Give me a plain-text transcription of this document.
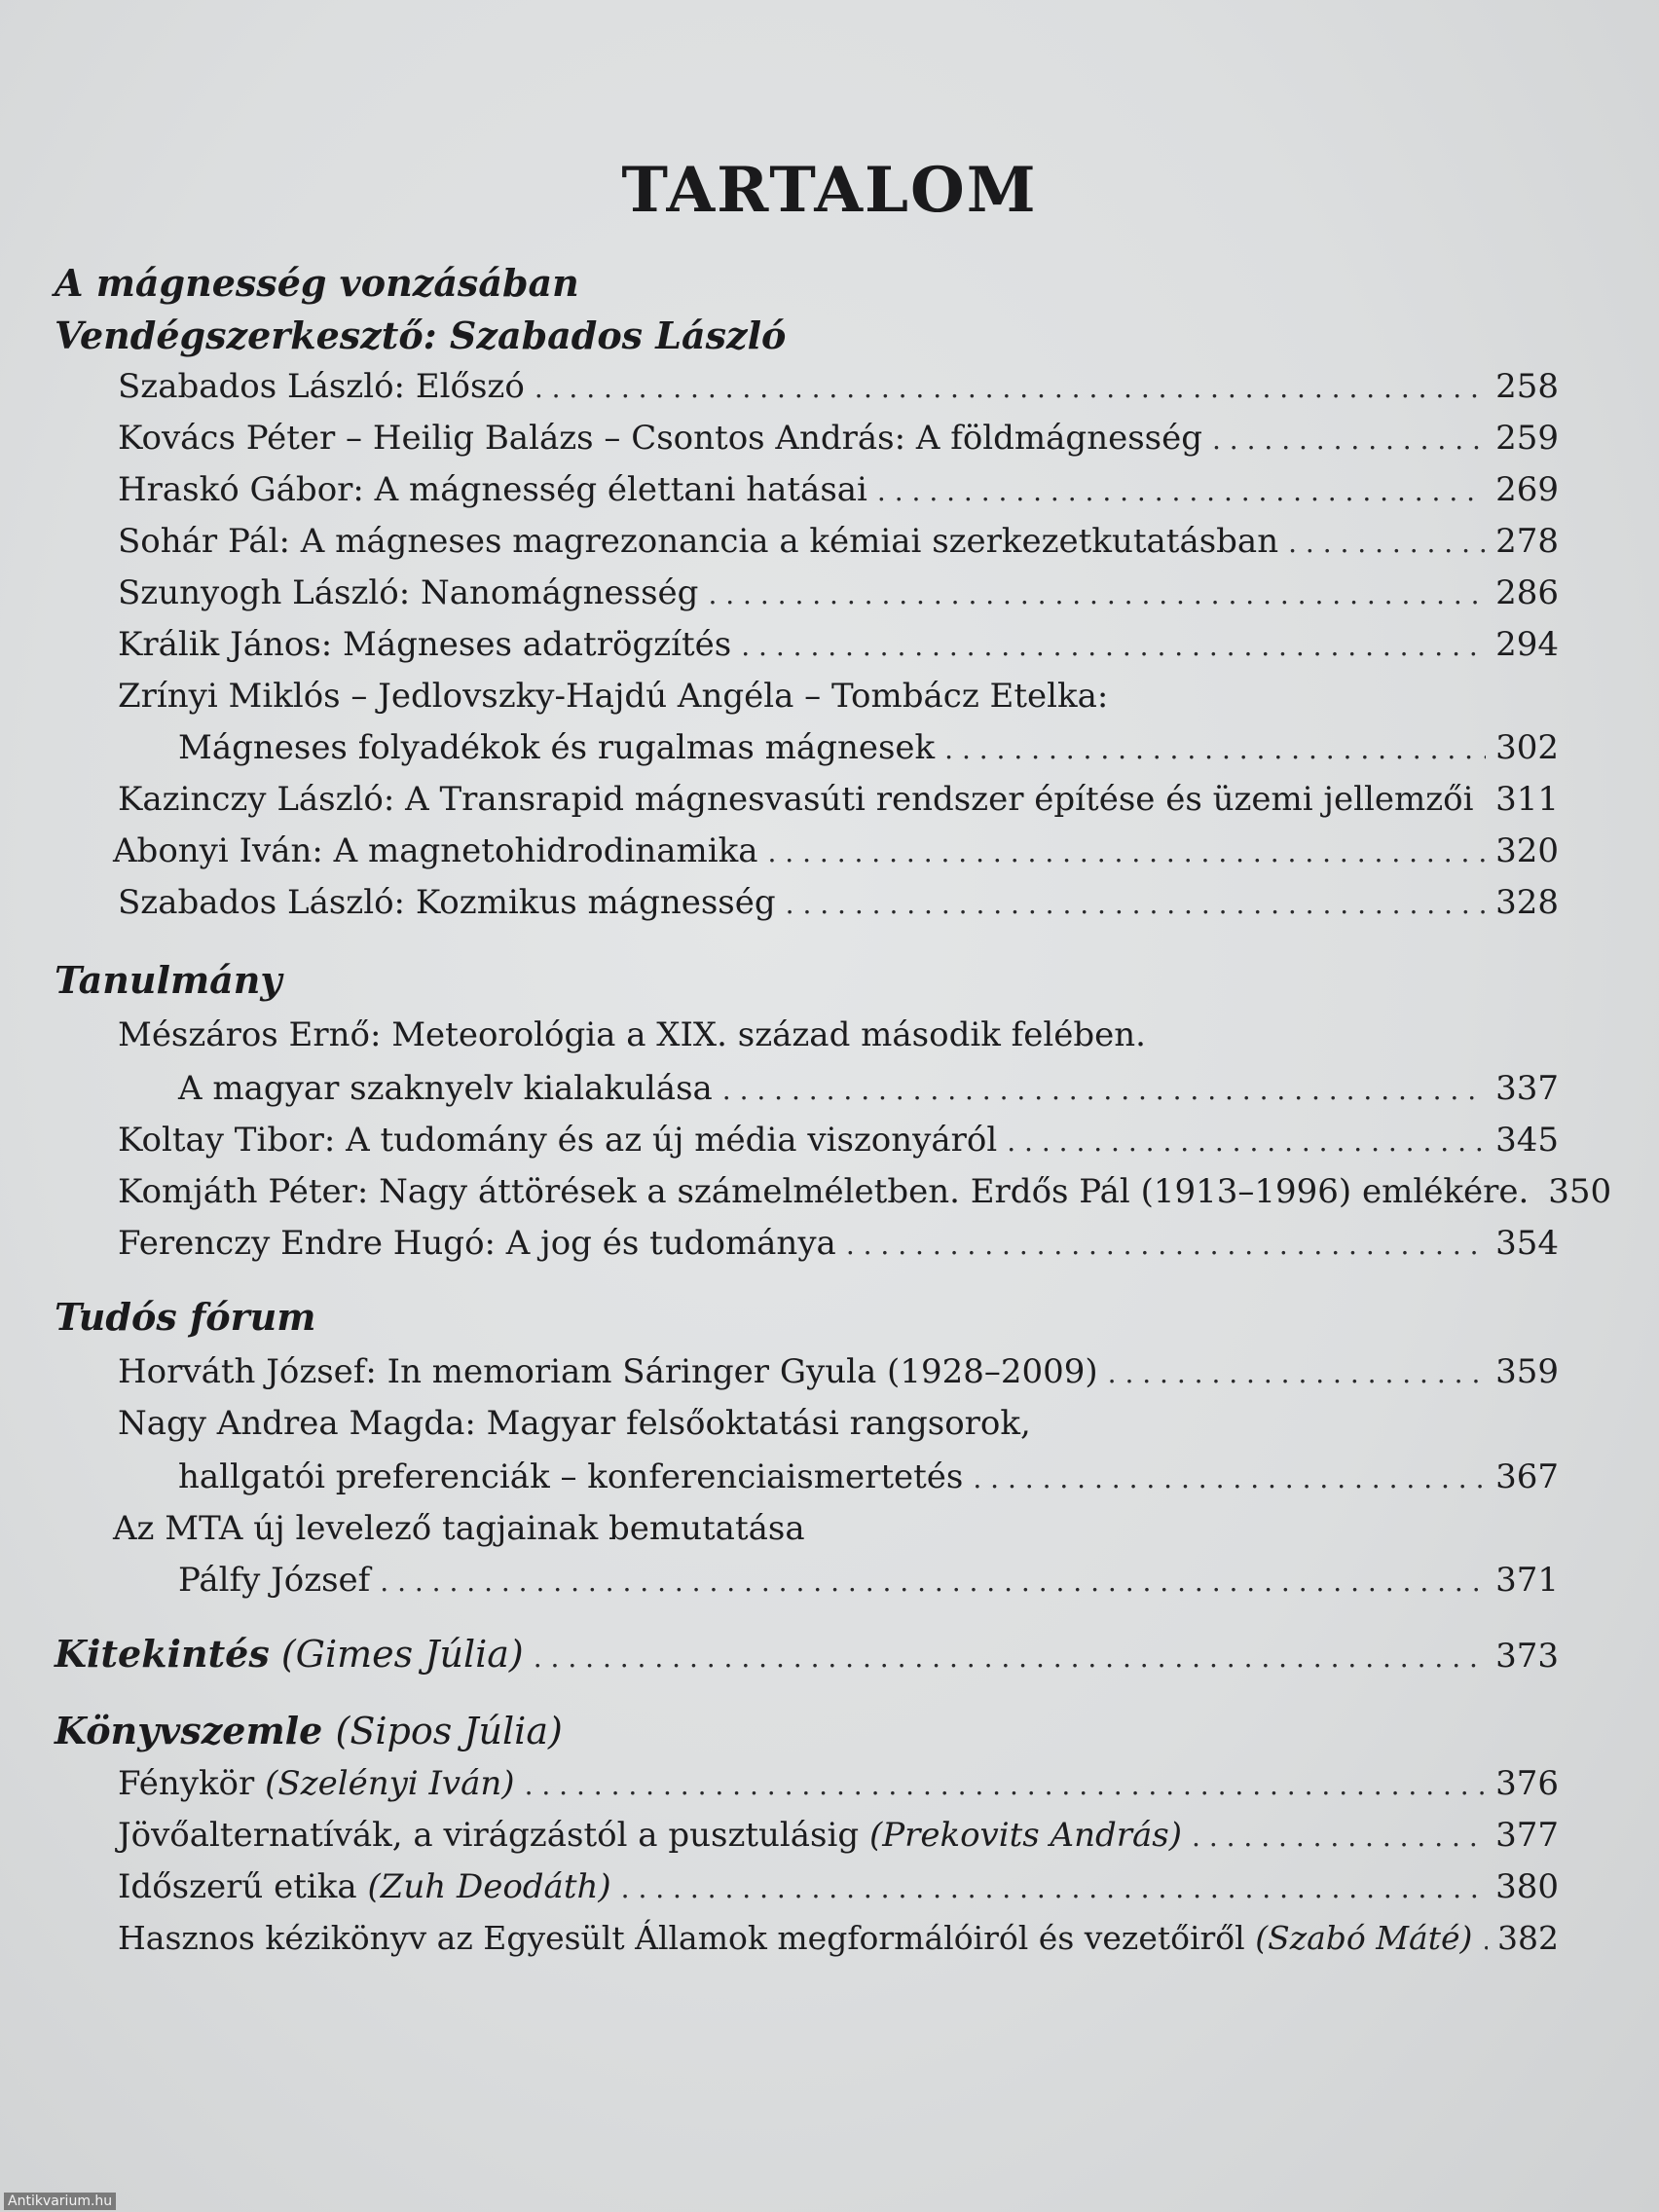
TARTALOM
A mágnesség vonzásában
Vendégszerkesztő: Szabados László
Szabados László: Előszó . . .	258
Kovács Péter – Heilig Balázs – Csontos András: A földmágnesség . . .	259
Hraskó Gábor: A mágnesség élettani hatásai . . .	269
Sohár Pál: A mágneses magrezonancia a kémiai szerkezetkutatásban . . .	278
Szunyogh László: Nanomágnesség . . .	286
Králik János: Mágneses adatrögzítés . . .	294
Zrínyi Miklós – Jedlovszky-Hajdú Angéla – Tombácz Etelka:
Mágneses folyadékok és rugalmas mágnesek . . .	302
Kazinczy László: A Transrapid mágnesvasúti rendszer építése és üzemi jellemzői . . . 311
Abonyi Iván: A magnetohidrodinamika . . .	320
Szabados László: Kozmikus mágnesség . . .	328
Tanulmány
Mészáros Ernő: Meteorológia a XIX. század második felében.
A magyar szaknyelv kialakulása . . .	337
Koltay Tibor: A tudomány és az új média viszonyáról . . .	345
Komjáth Péter: Nagy áttörések a számelméletben. Erdős Pál (1913–1996) emlékére. 350
Ferenczy Endre Hugó: A jog és tudománya . . .	354
Tudós fórum
Horváth József: In memoriam Sáringer Gyula (1928–2009) . . .	359
Nagy Andrea Magda: Magyar felsőoktatási rangsorok,
hallgatói preferenciák – konferenciaismertetés . . .	367
Az MTA új levelező tagjainak bemutatása
Pálfy József . . .	371
Kitekintés (Gimes Júlia) . . .	373
Könyvszemle (Sipos Júlia)
Fénykör (Szelényi Iván) . . .	376
Jövőalternatívák, a virágzástól a pusztulásig (Prekovits András) . . .	377
Időszerű etika (Zuh Deodáth) . . .	380
Hasznos kézikönyv az Egyesült Államok megformálóiról és vezetőiről (Szabó Máté) . . . 382
Antikvarium.hu
